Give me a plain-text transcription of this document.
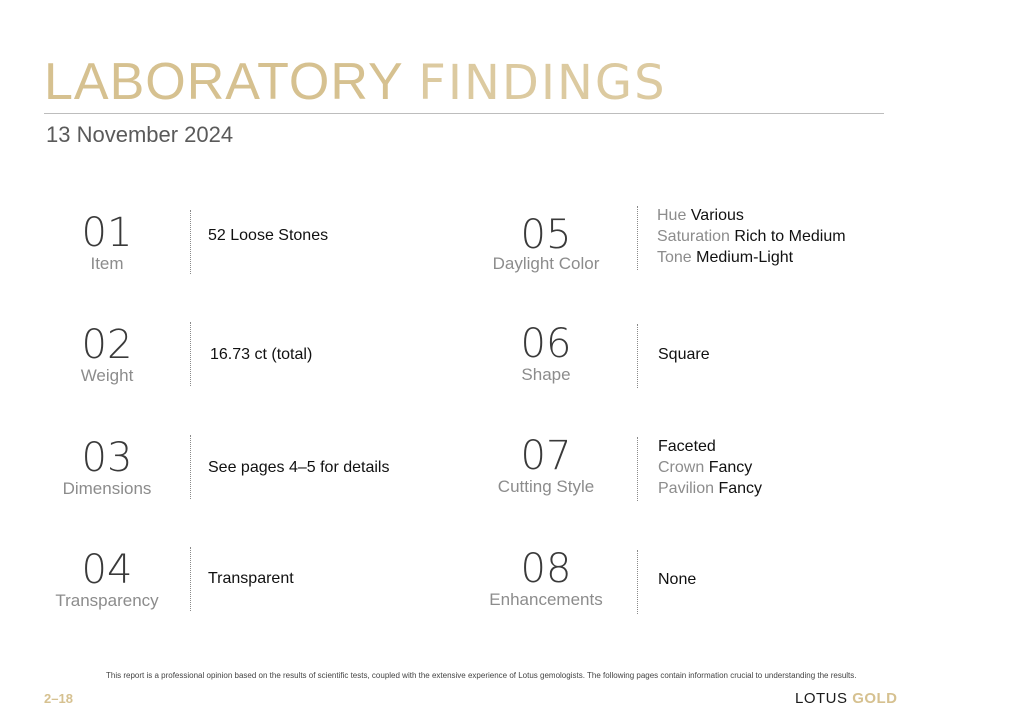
LABORATORY FINDINGS
13 November 2024
01
Item
52 Loose Stones
02
Weight
16.73 ct (total)
03
Dimensions
See pages 4–5 for details
04
Transparency
Transparent
05
Daylight Color
Hue Various
Saturation Rich to Medium
Tone Medium-Light
06
Shape
Square
07
Cutting Style
Faceted
Crown Fancy
Pavilion Fancy
08
Enhancements
None
This report is a professional opinion based on the results of scientific tests, coupled with the extensive experience of Lotus gemologists. The following pages contain information crucial to understanding the results.
2–18	LOTUS GOLD
